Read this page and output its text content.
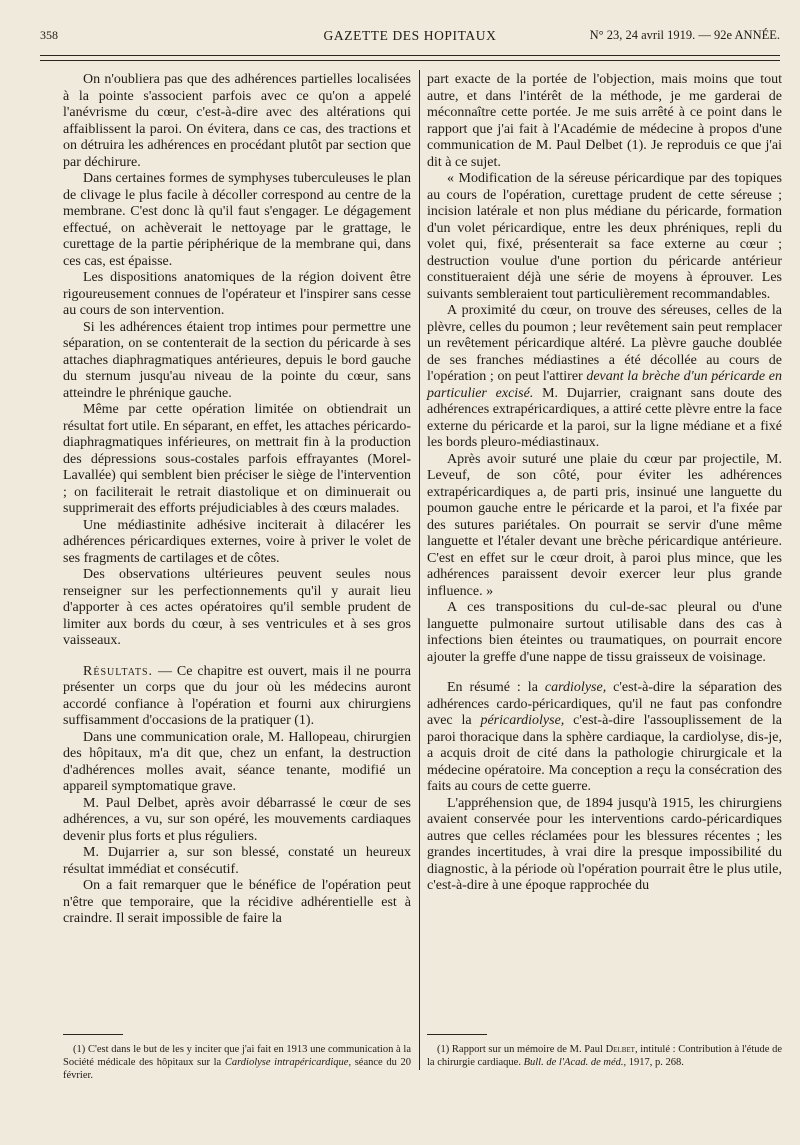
358	GAZETTE DES HOPITAUX	N° 23, 24 avril 1919. — 92e ANNÉE.

On n'oubliera pas que des adhérences partielles localisées à la pointe s'associent parfois avec ce qu'on a appelé l'anévrisme du cœur, c'est-à-dire avec des altérations qui affaiblissent la paroi. On évitera, dans ce cas, des tractions et on détruira les adhérences en procédant plutôt par section que par déchirure.

Dans certaines formes de symphyses tuberculeuses le plan de clivage le plus facile à décoller correspond au centre de la membrane. C'est donc là qu'il faut s'engager. Le dégagement effectué, on achèverait le nettoyage par le grattage, le curettage de la partie périphérique de la membrane qui, dans ces cas, est épaisse.

Les dispositions anatomiques de la région doivent être rigoureusement connues de l'opérateur et l'inspirer sans cesse au cours de son intervention.

Si les adhérences étaient trop intimes pour permettre une séparation, on se contenterait de la section du péricarde à ses attaches diaphragmatiques antérieures, depuis le bord gauche du sternum jusqu'au niveau de la pointe du cœur, sans atteindre le phrénique gauche.

Même par cette opération limitée on obtiendrait un résultat fort utile. En séparant, en effet, les attaches péricardo-diaphragmatiques inférieures, on mettrait fin à la production des dépressions sous-costales parfois effrayantes (Morel-Lavallée) qui semblent bien préciser le siège de l'intervention ; on faciliterait le retrait diastolique et on diminuerait ou supprimerait des efforts préjudiciables à des cœurs malades.

Une médiastinite adhésive inciterait à dilacérer les adhérences péricardiques externes, voire à priver le volet de ses fragments de cartilages et de côtes.

Des observations ultérieures peuvent seules nous renseigner sur les perfectionnements qu'il y aurait lieu d'apporter à ces actes opératoires qu'il semble prudent de limiter aux bords du cœur, à ses ventricules et à ses gros vaisseaux.

Résultats. — Ce chapitre est ouvert, mais il ne pourra présenter un corps que du jour où les médecins auront accordé confiance à l'opération et fourni aux chirurgiens suffisamment d'occasions de la pratiquer (1).

Dans une communication orale, M. Hallopeau, chirurgien des hôpitaux, m'a dit que, chez un enfant, la destruction d'adhérences molles avait, séance tenante, modifié un appareil symptomatique grave.

M. Paul Delbet, après avoir débarrassé le cœur de ses adhérences, a vu, sur son opéré, les mouvements cardiaques devenir plus forts et plus réguliers.

M. Dujarrier a, sur son blessé, constaté un heureux résultat immédiat et consécutif.

On a fait remarquer que le bénéfice de l'opération peut n'être que temporaire, que la récidive adhérentielle est à craindre. Il serait impossible de faire la

part exacte de la portée de l'objection, mais moins que tout autre, et dans l'intérêt de la méthode, je me garderai de méconnaître cette portée. Je me suis arrêté à ce point dans le rapport que j'ai fait à l'Académie de médecine à propos d'une communication de M. Paul Delbet (1). Je reproduis ce que j'ai dit à ce sujet.

« Modification de la séreuse péricardique par des topiques au cours de l'opération, curettage prudent de cette séreuse ; incision latérale et non plus médiane du péricarde, formation d'un volet péricardique, entre les deux phréniques, repli du volet qui, fixé, présenterait sa face externe au cœur ; destruction voulue d'une portion du péricarde antérieur constitueraient déjà une série de moyens à éprouver. Les suivants sembleraient tout particulièrement recommandables.

A proximité du cœur, on trouve des séreuses, celles de la plèvre, celles du poumon ; leur revêtement sain peut remplacer un revêtement péricardique altéré. La plèvre gauche doublée de ses franches médiastines a été décollée au cours de l'opération ; on peut l'attirer devant la brèche d'un péricarde en particulier excisé. M. Dujarrier, craignant sans doute des adhérences extrapéricardiques, a attiré cette plèvre entre la face externe du péricarde et la paroi, sur la ligne médiane et a fixé les bords pleuro-médiastinaux.

Après avoir suturé une plaie du cœur par projectile, M. Leveuf, de son côté, pour éviter les adhérences extrapéricardiques a, de parti pris, insinué une languette du poumon gauche entre le péricarde et la paroi, et l'a fixée par des sutures pariétales. On pourrait se servir d'une même languette et l'étaler devant une brèche péricardique antérieure. C'est en effet sur le cœur droit, à paroi plus mince, que les adhérences paraissent devoir exercer leur plus grande influence. »

A ces transpositions du cul-de-sac pleural ou d'une languette pulmonaire surtout utilisable dans des cas à infections bien éteintes ou traumatiques, on pourrait encore ajouter la greffe d'une nappe de tissu graisseux de voisinage.

En résumé : la cardiolyse, c'est-à-dire la séparation des adhérences cardo-péricardiques, qu'il ne faut pas confondre avec la péricardiolyse, c'est-à-dire l'assouplissement de la paroi thoracique dans la sphère cardiaque, la cardiolyse, dis-je, a acquis droit de cité dans la pathologie chirurgicale et la médecine opératoire. Ma conception a reçu la consécration des faits au cours de cette guerre.

L'appréhension que, de 1894 jusqu'à 1915, les chirurgiens avaient conservée pour les interventions cardo-péricardiques autres que celles réclamées pour les blessures récentes ; les grandes incertitudes, à vrai dire la presque impossibilité du diagnostic, à la période où l'opération pourrait être le plus utile, c'est-à-dire à une époque rapprochée du

(1) C'est dans le but de les y inciter que j'ai fait en 1913 une communication à la Société médicale des hôpitaux sur la Cardiolyse intrapéricardique, séance du 20 février.

(1) Rapport sur un mémoire de M. Paul Delbet, intitulé : Contribution à l'étude de la chirurgie cardiaque. Bull. de l'Acad. de méd., 1917, p. 268.
